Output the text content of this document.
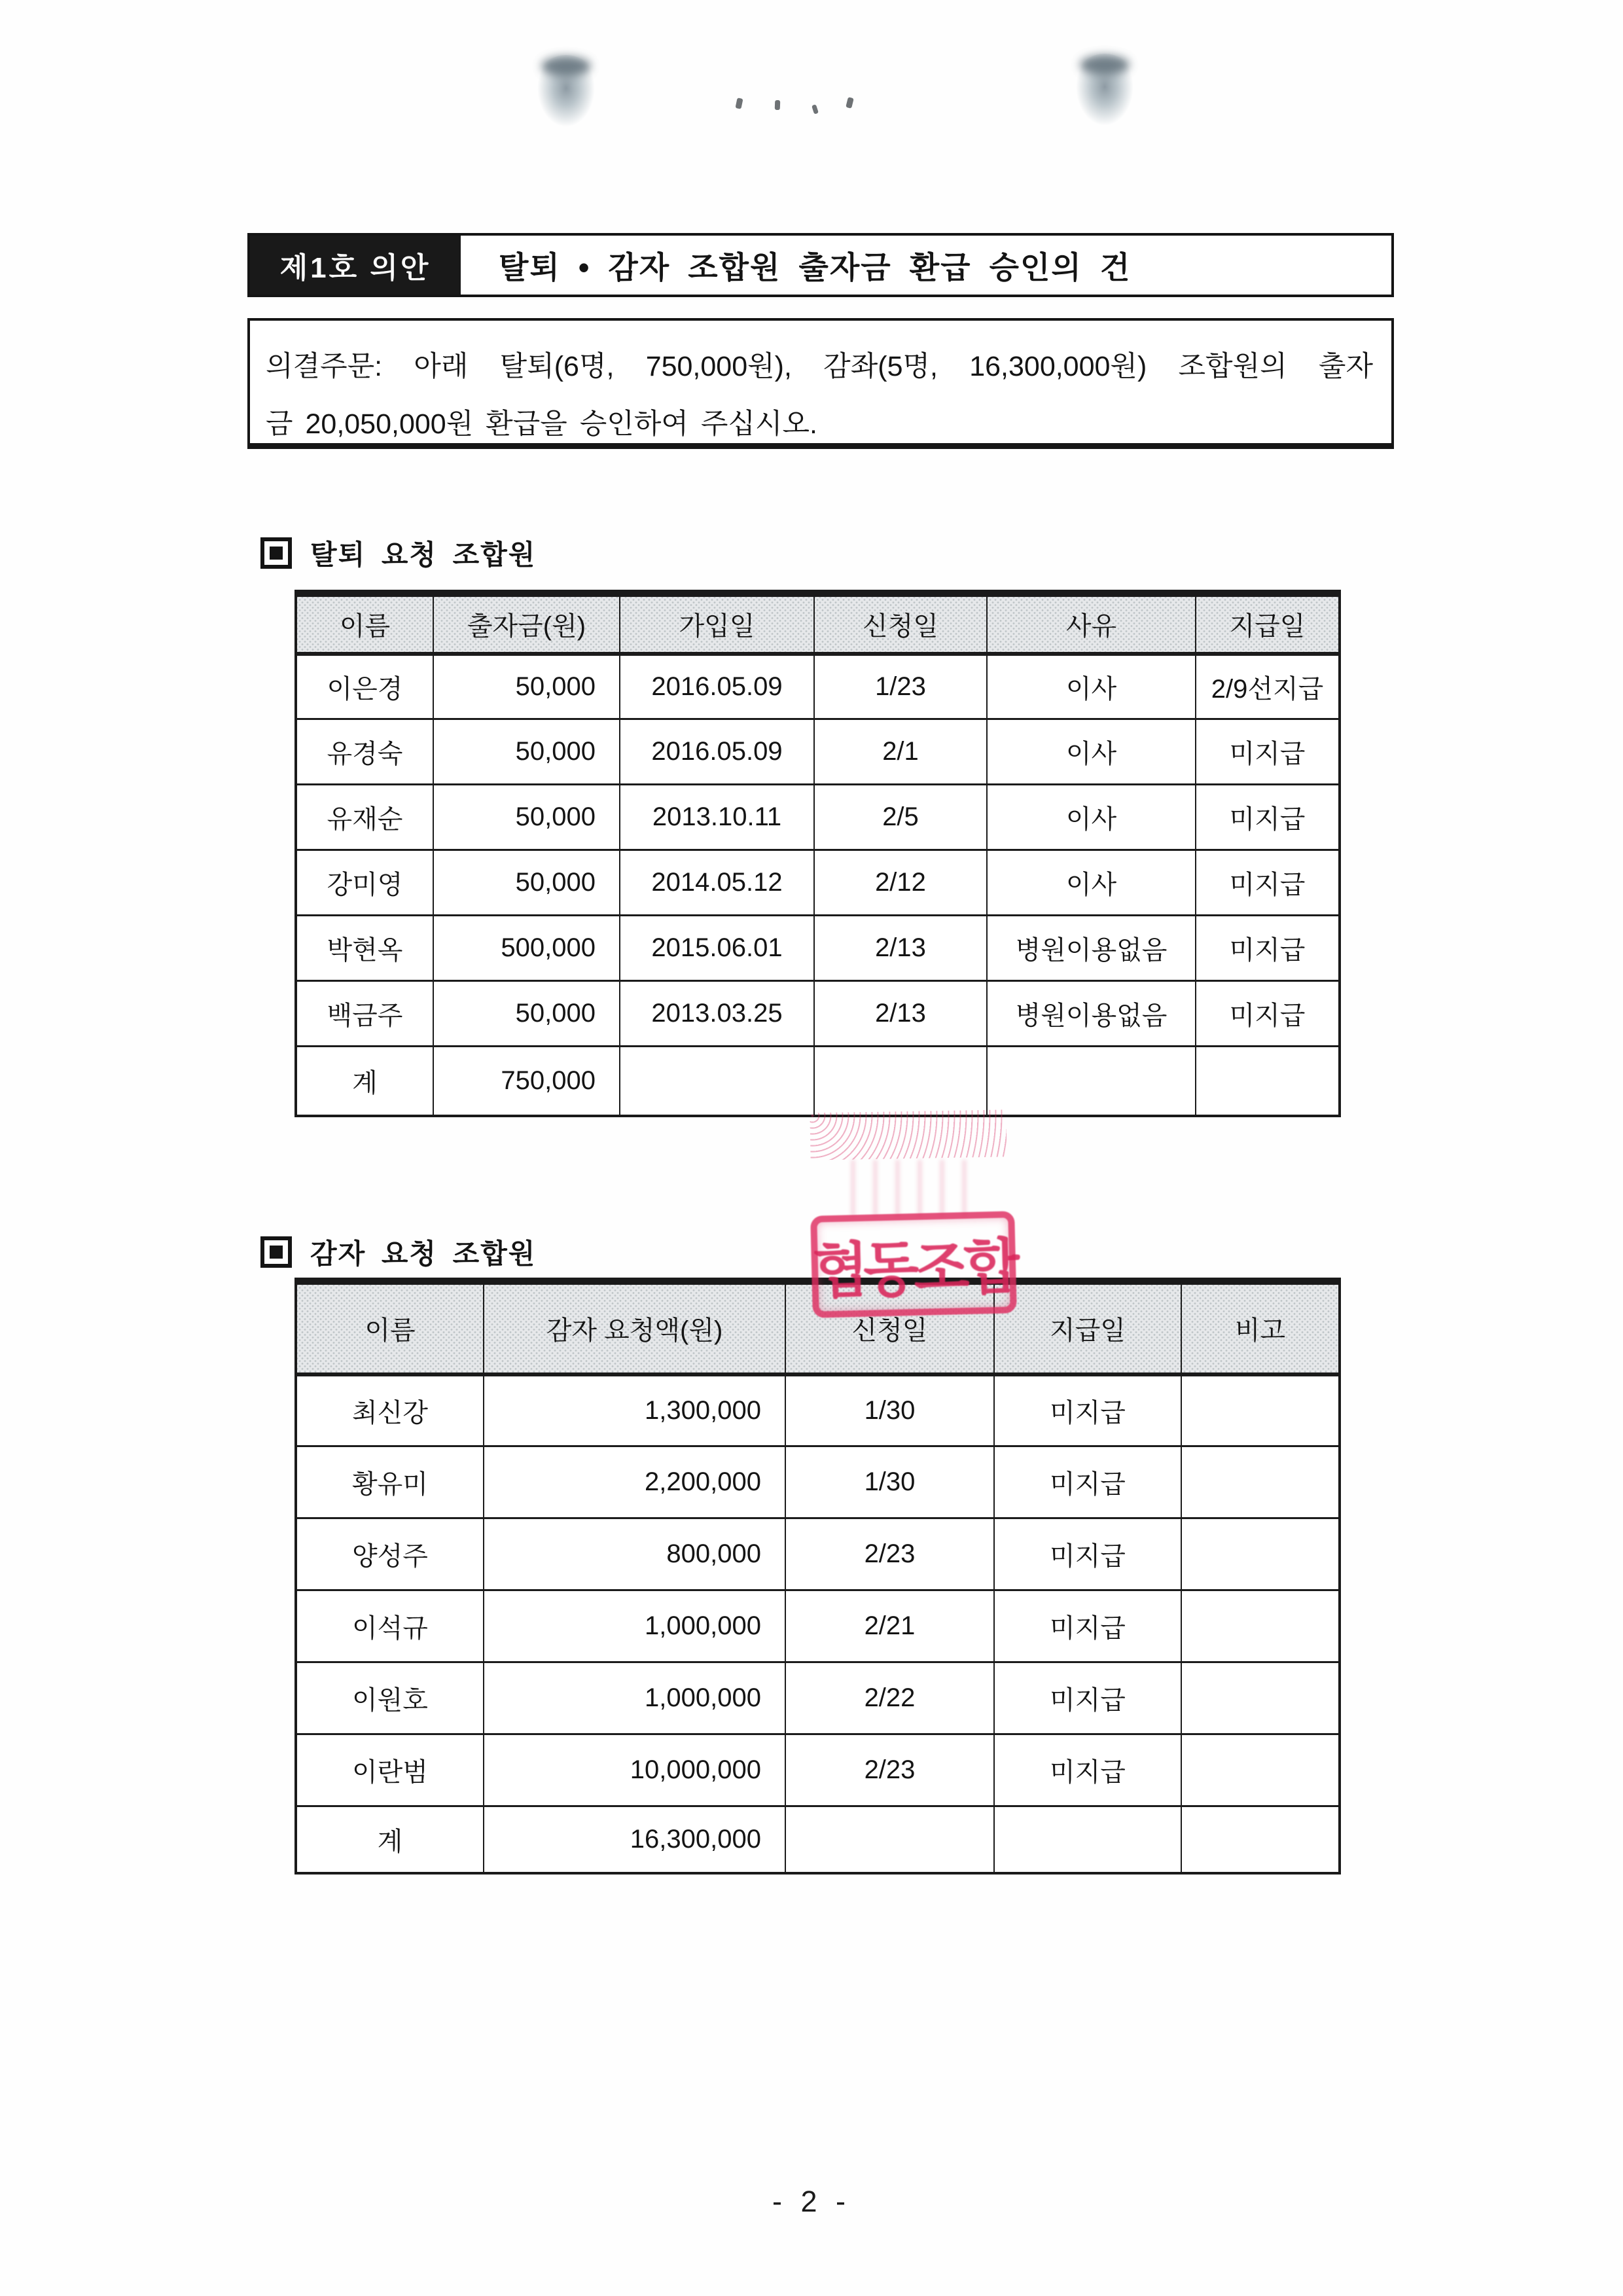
제1호 의안	탈퇴 • 감자 조합원 출자금 환급 승인의 건
의결주문: 아래 탈퇴(6명, 750,000원), 감좌(5명, 16,300,000원) 조합원의 출자
금 20,050,000원 환급을 승인하여 주십시오.
탈퇴 요청 조합원
이름	출자금(원)	가입일	신청일	사유	지급일
이은경	50,000	2016.05.09	1/23	이사	2/9선지급
유경숙	50,000	2016.05.09	2/1	이사	미지급
유재순	50,000	2013.10.11	2/5	이사	미지급
강미영	50,000	2014.05.12	2/12	이사	미지급
박현옥	500,000	2015.06.01	2/13	병원이용없음	미지급
백금주	50,000	2013.03.25	2/13	병원이용없음	미지급
계	750,000				
협동조합
감자 요청 조합원
이름	감자 요청액(원)	신청일	지급일	비고
최신강	1,300,000	1/30	미지급	
황유미	2,200,000	1/30	미지급	
양성주	800,000	2/23	미지급	
이석규	1,000,000	2/21	미지급	
이원호	1,000,000	2/22	미지급	
이란범	10,000,000	2/23	미지급	
계	16,300,000			
- 2 -
